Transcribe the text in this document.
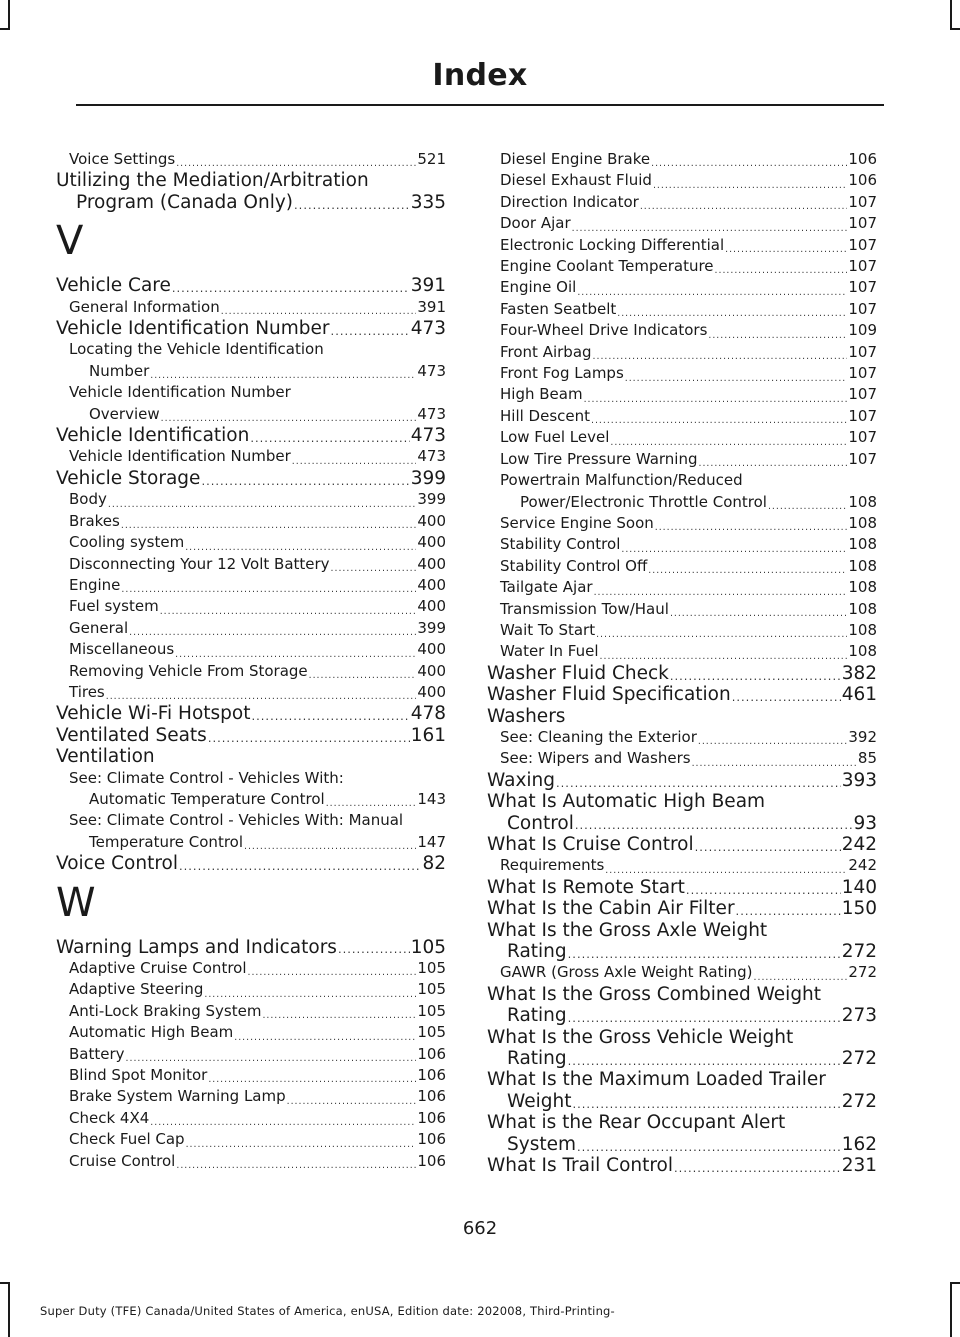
Index
Voice Settings .....	521
Utilizing the Mediation/Arbitration
Program (Canada Only) .....	335
V
Vehicle Care .....	391
General Information .....	391
Vehicle Identification Number .....	473
Locating the Vehicle Identification
Number .....	473
Vehicle Identification Number
Overview .....	473
Vehicle Identification .....	473
Vehicle Identification Number .....	473
Vehicle Storage .....	399
Body .....	399
Brakes .....	400
Cooling system .....	400
Disconnecting Your 12 Volt Battery .....	400
Engine .....	400
Fuel system .....	400
General .....	399
Miscellaneous .....	400
Removing Vehicle From Storage .....	400
Tires .....	400
Vehicle Wi-Fi Hotspot .....	478
Ventilated Seats .....	161
Ventilation
See: Climate Control - Vehicles With:
Automatic Temperature Control .....	143
See: Climate Control - Vehicles With: Manual
Temperature Control .....	147
Voice Control .....	82
W
Warning Lamps and Indicators .....	105
Adaptive Cruise Control .....	105
Adaptive Steering .....	105
Anti-Lock Braking System .....	105
Automatic High Beam .....	105
Battery .....	106
Blind Spot Monitor .....	106
Brake System Warning Lamp .....	106
Check 4X4 .....	106
Check Fuel Cap .....	106
Cruise Control .....	106
Diesel Engine Brake .....	106
Diesel Exhaust Fluid .....	106
Direction Indicator .....	107
Door Ajar .....	107
Electronic Locking Differential .....	107
Engine Coolant Temperature .....	107
Engine Oil .....	107
Fasten Seatbelt .....	107
Four-Wheel Drive Indicators .....	109
Front Airbag .....	107
Front Fog Lamps .....	107
High Beam .....	107
Hill Descent .....	107
Low Fuel Level .....	107
Low Tire Pressure Warning .....	107
Powertrain Malfunction/Reduced
Power/Electronic Throttle Control .....	108
Service Engine Soon .....	108
Stability Control .....	108
Stability Control Off .....	108
Tailgate Ajar .....	108
Transmission Tow/Haul .....	108
Wait To Start .....	108
Water In Fuel .....	108
Washer Fluid Check .....	382
Washer Fluid Specification .....	461
Washers
See: Cleaning the Exterior .....	392
See: Wipers and Washers .....	85
Waxing .....	393
What Is Automatic High Beam
Control .....	93
What Is Cruise Control .....	242
Requirements .....	242
What Is Remote Start .....	140
What Is the Cabin Air Filter .....	150
What Is the Gross Axle Weight
Rating .....	272
GAWR (Gross Axle Weight Rating) .....	272
What Is the Gross Combined Weight
Rating .....	273
What Is the Gross Vehicle Weight
Rating .....	272
What Is the Maximum Loaded Trailer
Weight .....	272
What is the Rear Occupant Alert
System .....	162
What Is Trail Control .....	231
662
Super Duty (TFE) Canada/United States of America, enUSA, Edition date: 202008, Third-Printing-
